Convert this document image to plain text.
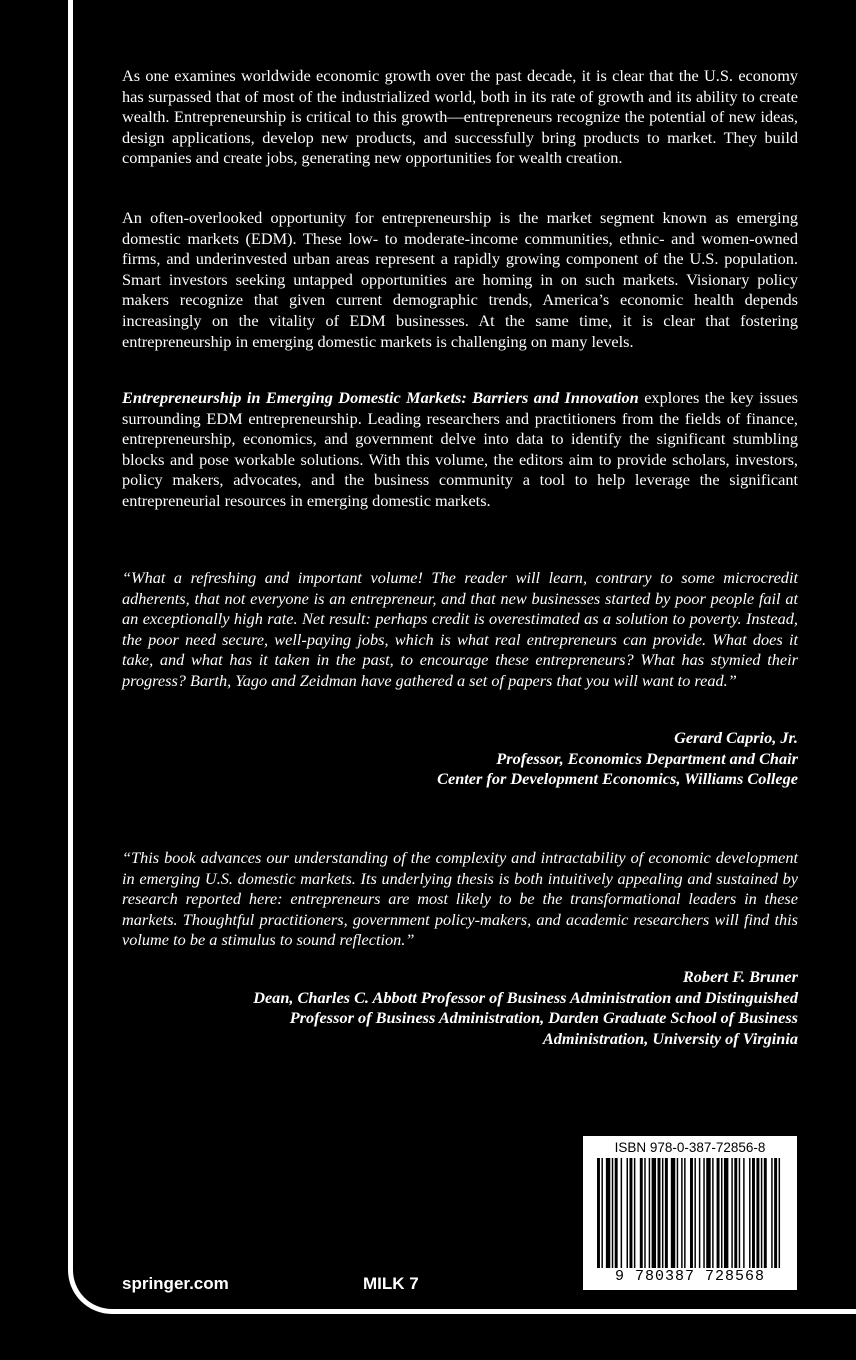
As one examines worldwide economic growth over the past decade, it is clear that the U.S. economy has surpassed that of most of the industrialized world, both in its rate of growth and its ability to create wealth. Entrepreneurship is critical to this growth—entrepreneurs recognize the potential of new ideas, design applications, develop new products, and successfully bring products to market. They build companies and create jobs, generating new opportunities for wealth creation.

An often-overlooked opportunity for entrepreneurship is the market segment known as emerging domestic markets (EDM). These low- to moderate-income communities, ethnic- and women-owned firms, and underinvested urban areas represent a rapidly growing component of the U.S. population. Smart investors seeking untapped opportunities are homing in on such markets. Visionary policy makers recognize that given current demographic trends, America’s economic health depends increasingly on the vitality of EDM businesses. At the same time, it is clear that fostering entrepreneurship in emerging domestic markets is challenging on many levels.

Entrepreneurship in Emerging Domestic Markets: Barriers and Innovation explores the key issues surrounding EDM entrepreneurship. Leading researchers and practitioners from the fields of finance, entrepreneurship, economics, and government delve into data to identify the significant stumbling blocks and pose workable solutions. With this volume, the editors aim to provide scholars, investors, policy makers, advocates, and the business community a tool to help leverage the significant entrepreneurial resources in emerging domestic markets.

“What a refreshing and important volume! The reader will learn, contrary to some microcredit adherents, that not everyone is an entrepreneur, and that new businesses started by poor people fail at an exceptionally high rate. Net result: perhaps credit is overestimated as a solution to poverty. Instead, the poor need secure, well-paying jobs, which is what real entrepreneurs can provide. What does it take, and what has it taken in the past, to encourage these entrepreneurs? What has stymied their progress? Barth, Yago and Zeidman have gathered a set of papers that you will want to read.”

Gerard Caprio, Jr.
Professor, Economics Department and Chair
Center for Development Economics, Williams College

“This book advances our understanding of the complexity and intractability of economic development in emerging U.S. domestic markets. Its underlying thesis is both intuitively appealing and sustained by research reported here: entrepreneurs are most likely to be the transformational leaders in these markets. Thoughtful practitioners, government policy-makers, and academic researchers will find this volume to be a stimulus to sound reflection.”

Robert F. Bruner
Dean, Charles C. Abbott Professor of Business Administration and Distinguished
Professor of Business Administration, Darden Graduate School of Business
Administration, University of Virginia
springer.com	MILK 7
ISBN 978-0-387-72856-8
9 780387 728568
